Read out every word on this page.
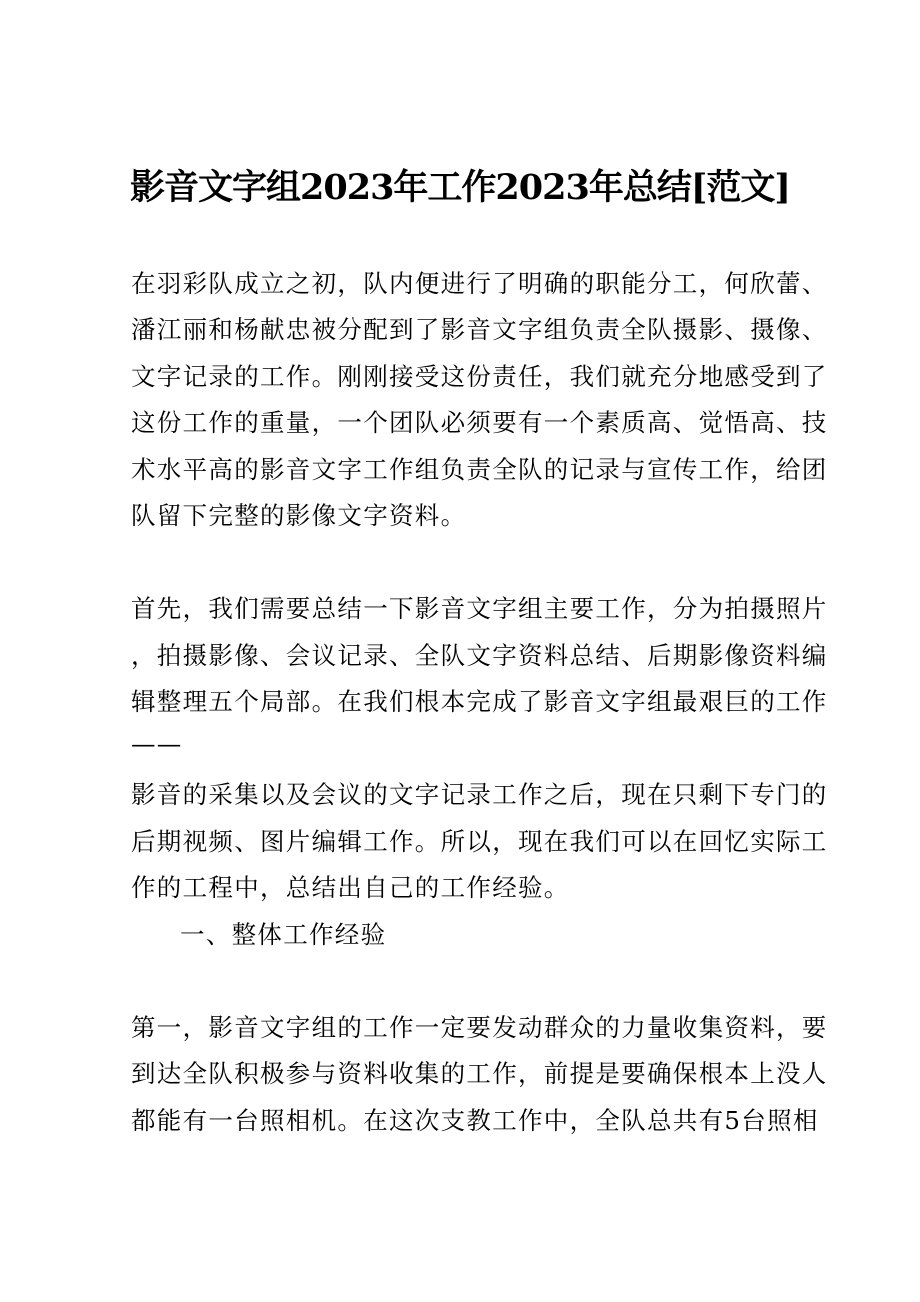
影音文字组2023年工作2023年总结[范文]
在羽彩队成立之初，队内便进行了明确的职能分工，何欣蕾、
潘江丽和杨献忠被分配到了影音文字组负责全队摄影、摄像、
文字记录的工作。刚刚接受这份责任，我们就充分地感受到了
这份工作的重量，一个团队必须要有一个素质高、觉悟高、技
术水平高的影音文字工作组负责全队的记录与宣传工作，给团
队留下完整的影像文字资料。
首先，我们需要总结一下影音文字组主要工作，分为拍摄照片
，拍摄影像、会议记录、全队文字资料总结、后期影像资料编
辑整理五个局部。在我们根本完成了影音文字组最艰巨的工作
——
影音的采集以及会议的文字记录工作之后，现在只剩下专门的
后期视频、图片编辑工作。所以，现在我们可以在回忆实际工
作的工程中，总结出自己的工作经验。
一、整体工作经验
第一，影音文字组的工作一定要发动群众的力量收集资料，要
到达全队积极参与资料收集的工作，前提是要确保根本上没人
都能有一台照相机。在这次支教工作中，全队总共有5台照相
